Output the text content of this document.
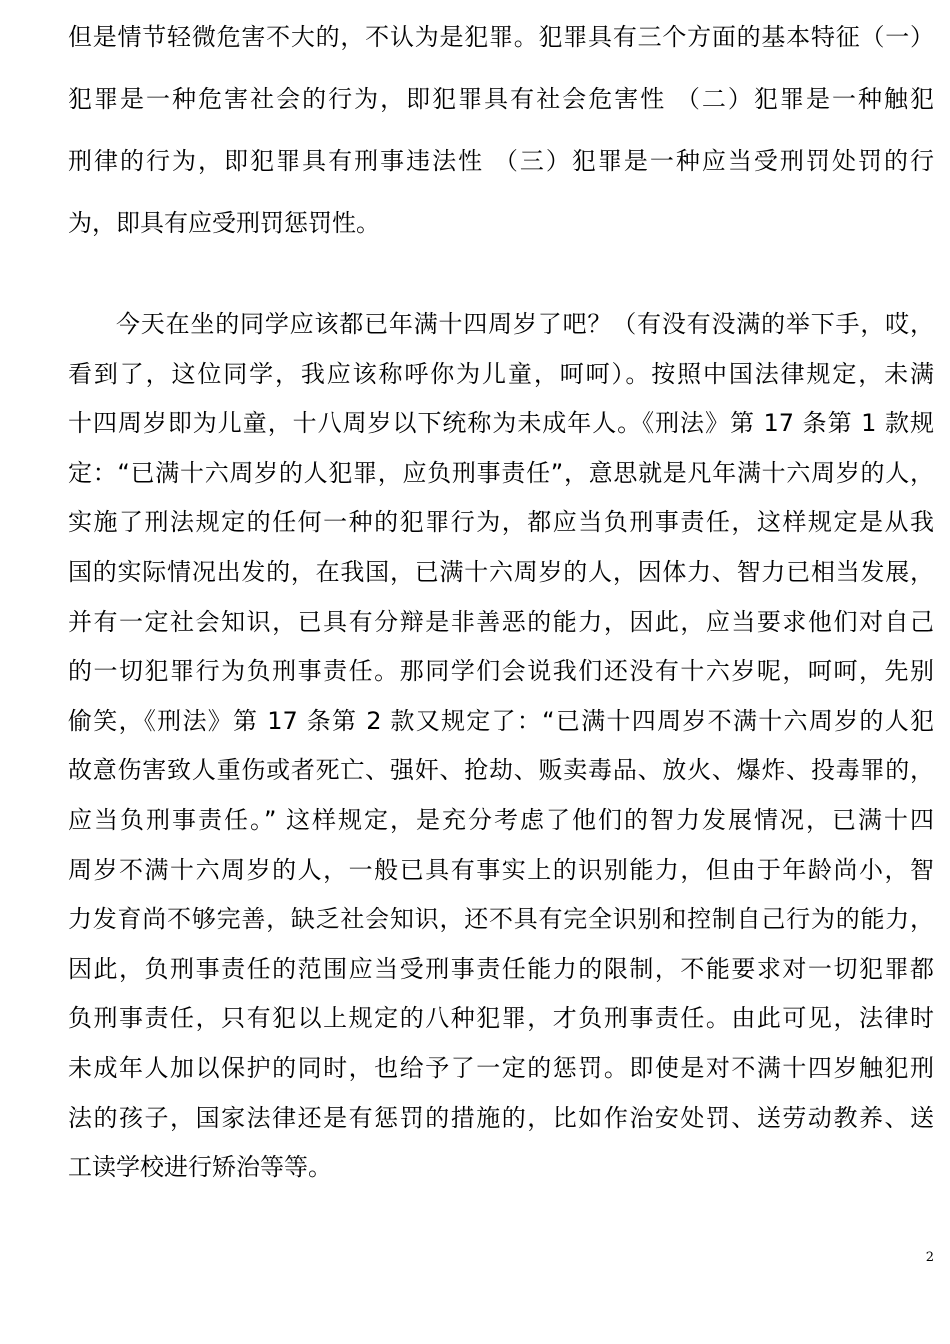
但是情节轻微危害不大的，不认为是犯罪。犯罪具有三个方面的基本特征（一）
犯罪是一种危害社会的行为，即犯罪具有社会危害性 （二）犯罪是一种触犯
刑律的行为，即犯罪具有刑事违法性 （三）犯罪是一种应当受刑罚处罚的行
为，即具有应受刑罚惩罚性。
今天在坐的同学应该都已年满十四周岁了吧？（有没有没满的举下手，哎，
看到了，这位同学，我应该称呼你为儿童，呵呵）。按照中国法律规定，未满
十四周岁即为儿童，十八周岁以下统称为未成年人。《刑法》第 17 条第 1 款规
定：“已满十六周岁的人犯罪，应负刑事责任”，意思就是凡年满十六周岁的人，
实施了刑法规定的任何一种的犯罪行为，都应当负刑事责任，这样规定是从我
国的实际情况出发的，在我国，已满十六周岁的人，因体力、智力已相当发展，
并有一定社会知识，已具有分辩是非善恶的能力，因此，应当要求他们对自己
的一切犯罪行为负刑事责任。那同学们会说我们还没有十六岁呢，呵呵，先别
偷笑，《刑法》第 17 条第 2 款又规定了：“已满十四周岁不满十六周岁的人犯
故意伤害致人重伤或者死亡、强奸、抢劫、贩卖毒品、放火、爆炸、投毒罪的，
应当负刑事责任。” 这样规定，是充分考虑了他们的智力发展情况，已满十四
周岁不满十六周岁的人，一般已具有事实上的识别能力，但由于年龄尚小，智
力发育尚不够完善，缺乏社会知识，还不具有完全识别和控制自己行为的能力，
因此，负刑事责任的范围应当受刑事责任能力的限制，不能要求对一切犯罪都
负刑事责任，只有犯以上规定的八种犯罪，才负刑事责任。由此可见，法律时
未成年人加以保护的同时，也给予了一定的惩罚。即使是对不满十四岁触犯刑
法的孩子，国家法律还是有惩罚的措施的，比如作治安处罚、送劳动教养、送
工读学校进行矫治等等。
2
